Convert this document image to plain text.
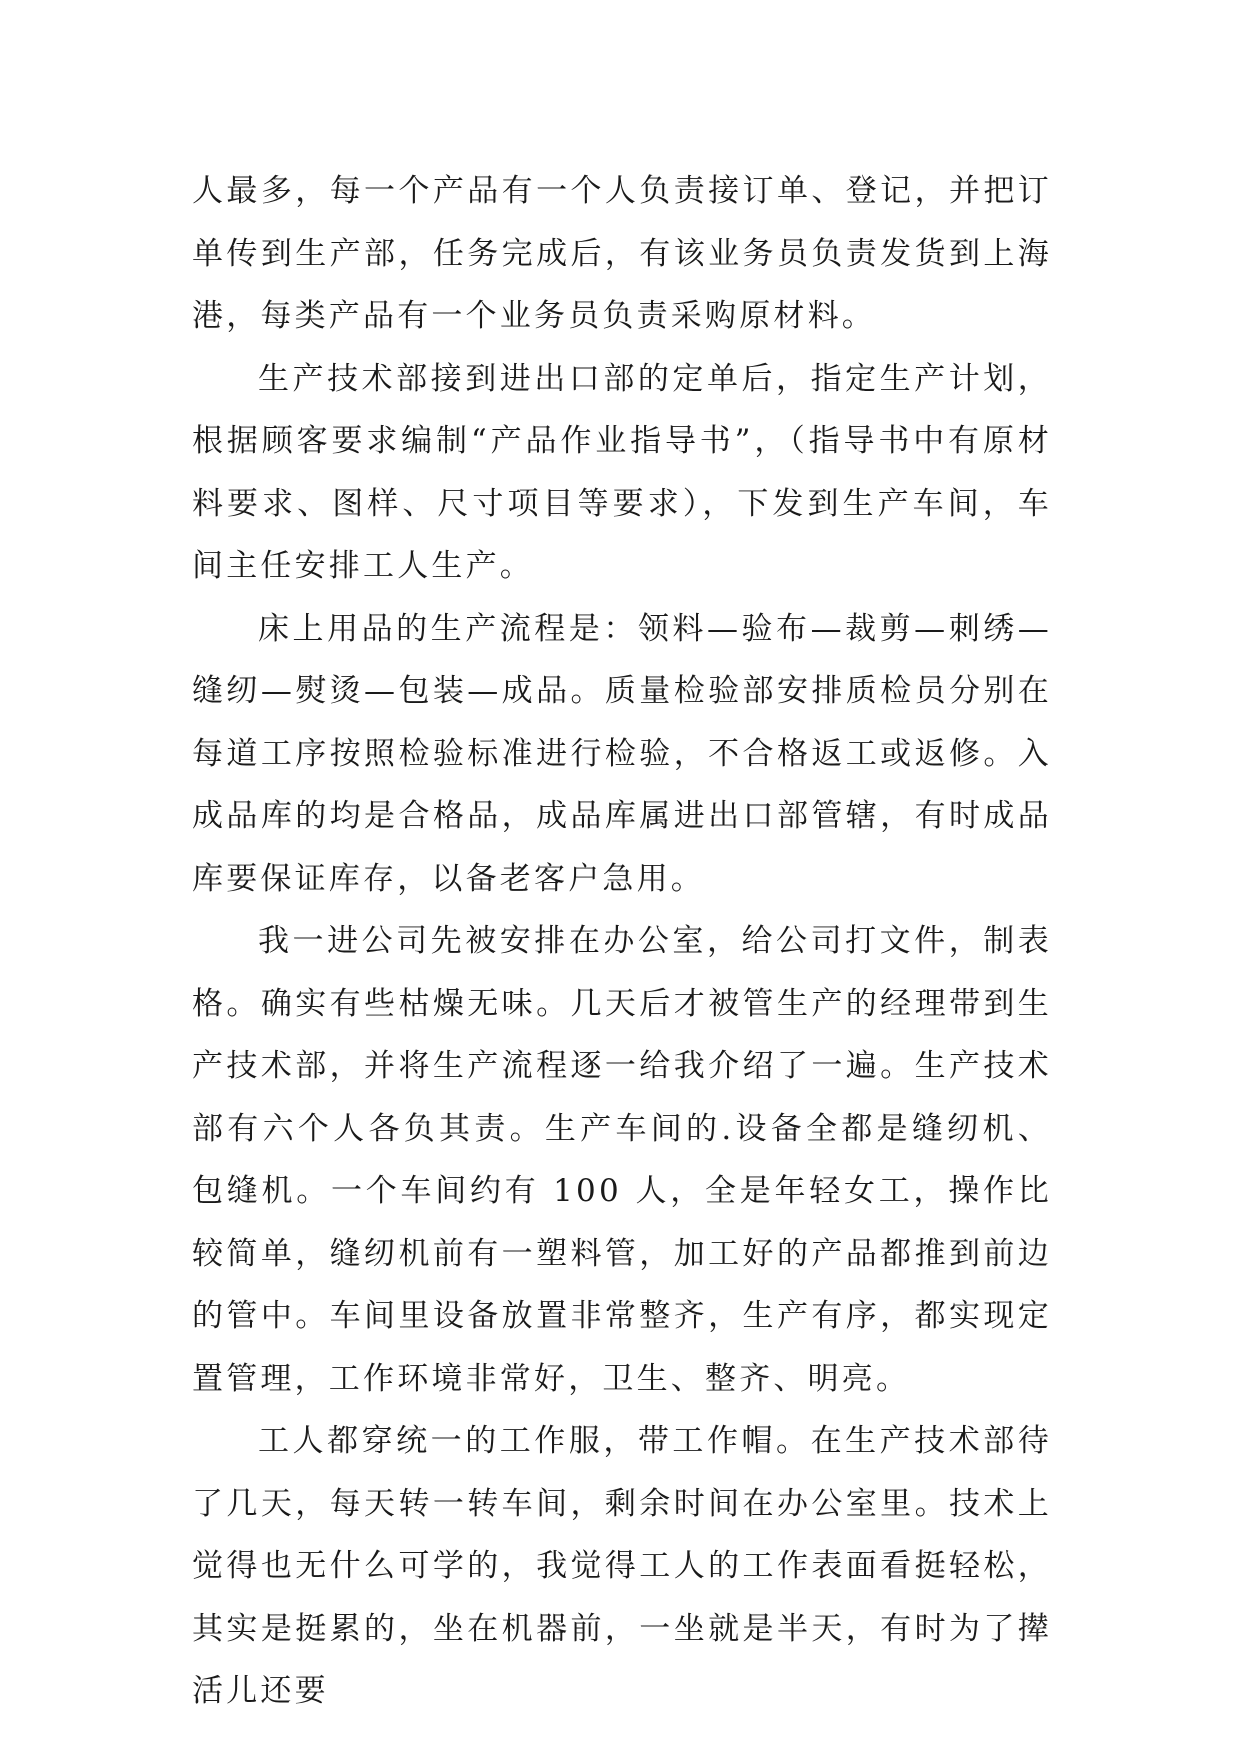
人最多，每一个产品有一个人负责接订单、登记，并把订单传到生产部，任务完成后，有该业务员负责发货到上海港，每类产品有一个业务员负责采购原材料。

生产技术部接到进出口部的定单后，指定生产计划，根据顾客要求编制“产品作业指导书”，（指导书中有原材料要求、图样、尺寸项目等要求），下发到生产车间，车间主任安排工人生产。

床上用品的生产流程是：领料—验布—裁剪—刺绣—缝纫—熨烫—包装—成品。质量检验部安排质检员分别在每道工序按照检验标准进行检验，不合格返工或返修。入成品库的均是合格品，成品库属进出口部管辖，有时成品库要保证库存，以备老客户急用。

我一进公司先被安排在办公室，给公司打文件，制表格。确实有些枯燥无味。几天后才被管生产的经理带到生产技术部，并将生产流程逐一给我介绍了一遍。生产技术部有六个人各负其责。生产车间的.设备全都是缝纫机、包缝机。一个车间约有 100 人，全是年轻女工，操作比较简单，缝纫机前有一塑料管，加工好的产品都推到前边的管中。车间里设备放置非常整齐，生产有序，都实现定置管理，工作环境非常好，卫生、整齐、明亮。

工人都穿统一的工作服，带工作帽。在生产技术部待了几天，每天转一转车间，剩余时间在办公室里。技术上觉得也无什么可学的，我觉得工人的工作表面看挺轻松，其实是挺累的，坐在机器前，一坐就是半天，有时为了撵活儿还要
